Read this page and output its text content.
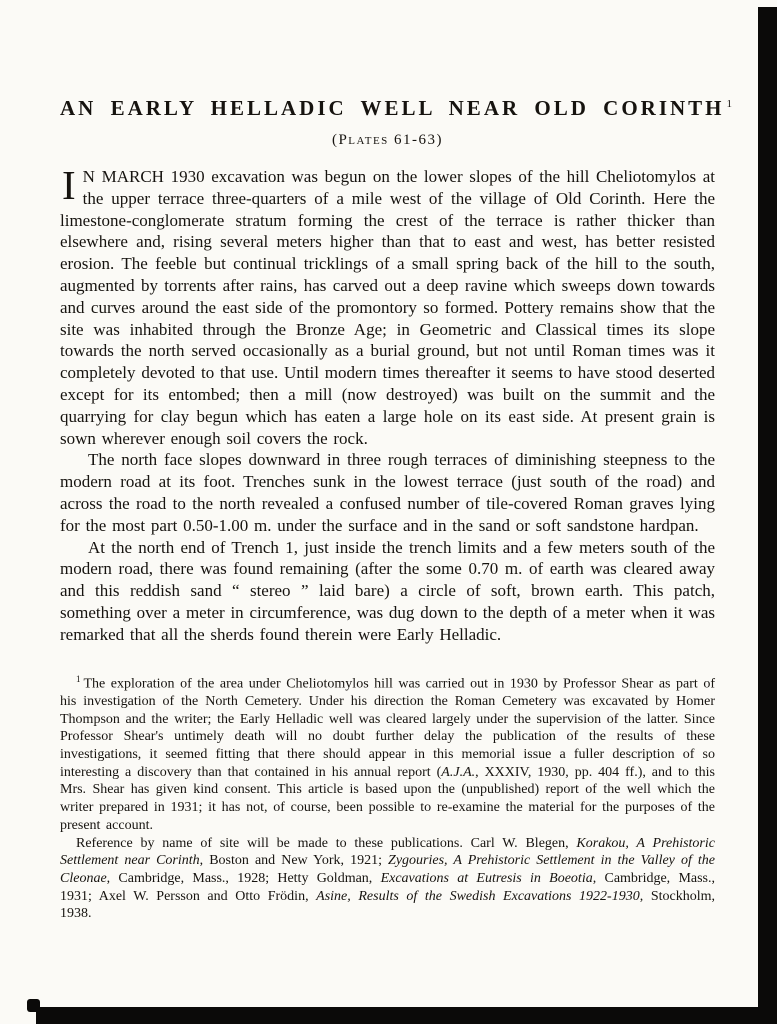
AN EARLY HELLADIC WELL NEAR OLD CORINTH $^1$
(Plates 61-63)

I N MARCH 1930 excavation was begun on the lower slopes of the hill Cheliotomylos at the upper terrace three-quarters of a mile west of the village of Old Corinth. Here the limestone-conglomerate stratum forming the crest of the terrace is rather thicker than elsewhere and, rising several meters higher than that to east and west, has better resisted erosion. The feeble but continual tricklings of a small spring back of the hill to the south, augmented by torrents after rains, has carved out a deep ravine which sweeps down towards and curves around the east side of the promontory so formed. Pottery remains show that the site was inhabited through the Bronze Age; in Geometric and Classical times its slope towards the north served occasionally as a burial ground, but not until Roman times was it completely devoted to that use. Until modern times thereafter it seems to have stood deserted except for its entombed; then a mill (now destroyed) was built on the summit and the quarrying for clay begun which has eaten a large hole on its east side. At present grain is sown wherever enough soil covers the rock.

The north face slopes downward in three rough terraces of diminishing steepness to the modern road at its foot. Trenches sunk in the lowest terrace (just south of the road) and across the road to the north revealed a confused number of tile-covered Roman graves lying for the most part 0.50-1.00 m. under the surface and in the sand or soft sandstone hardpan.

At the north end of Trench 1, just inside the trench limits and a few meters south of the modern road, there was found remaining (after the some 0.70 m. of earth was cleared away and this reddish sand “ stereo ” laid bare) a circle of soft, brown earth. This patch, something over a meter in circumference, was dug down to the depth of a meter when it was remarked that all the sherds found therein were Early Helladic.

$^1$ The exploration of the area under Cheliotomylos hill was carried out in 1930 by Professor Shear as part of his investigation of the North Cemetery. Under his direction the Roman Cemetery was excavated by Homer Thompson and the writer; the Early Helladic well was cleared largely under the supervision of the latter. Since Professor Shear's untimely death will no doubt further delay the publication of the results of these investigations, it seemed fitting that there should appear in this memorial issue a fuller description of so interesting a discovery than that contained in his annual report (A.J.A., XXXIV, 1930, pp. 404 ff.), and to this Mrs. Shear has given kind consent. This article is based upon the (unpublished) report of the well which the writer prepared in 1931; it has not, of course, been possible to re-examine the material for the purposes of the present account.

Reference by name of site will be made to these publications. Carl W. Blegen, Korakou, A Prehistoric Settlement near Corinth, Boston and New York, 1921; Zygouries, A Prehistoric Settlement in the Valley of the Cleonae, Cambridge, Mass., 1928; Hetty Goldman, Excavations at Eutresis in Boeotia, Cambridge, Mass., 1931; Axel W. Persson and Otto Frödin, Asine, Results of the Swedish Excavations 1922-1930, Stockholm, 1938.
